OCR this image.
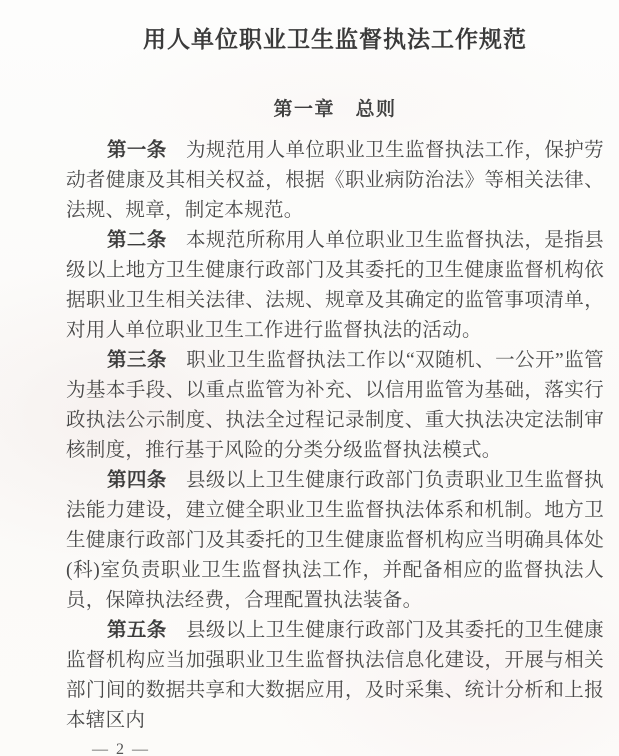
用人单位职业卫生监督执法工作规范
第一章　总则

第一条 为规范用人单位职业卫生监督执法工作，保护劳动者健康及其相关权益，根据《职业病防治法》等相关法律、法规、规章，制定本规范。

第二条 本规范所称用人单位职业卫生监督执法，是指县级以上地方卫生健康行政部门及其委托的卫生健康监督机构依据职业卫生相关法律、法规、规章及其确定的监管事项清单，对用人单位职业卫生工作进行监督执法的活动。

第三条 职业卫生监督执法工作以“双随机、一公开”监管为基本手段、以重点监管为补充、以信用监管为基础，落实行政执法公示制度、执法全过程记录制度、重大执法决定法制审核制度，推行基于风险的分类分级监督执法模式。

第四条 县级以上卫生健康行政部门负责职业卫生监督执法能力建设，建立健全职业卫生监督执法体系和机制。地方卫生健康行政部门及其委托的卫生健康监督机构应当明确具体处(科)室负责职业卫生监督执法工作，并配备相应的监督执法人员，保障执法经费，合理配置执法装备。

第五条 县级以上卫生健康行政部门及其委托的卫生健康监督机构应当加强职业卫生监督执法信息化建设，开展与相关部门间的数据共享和大数据应用，及时采集、统计分析和上报本辖区内

— 2 —
